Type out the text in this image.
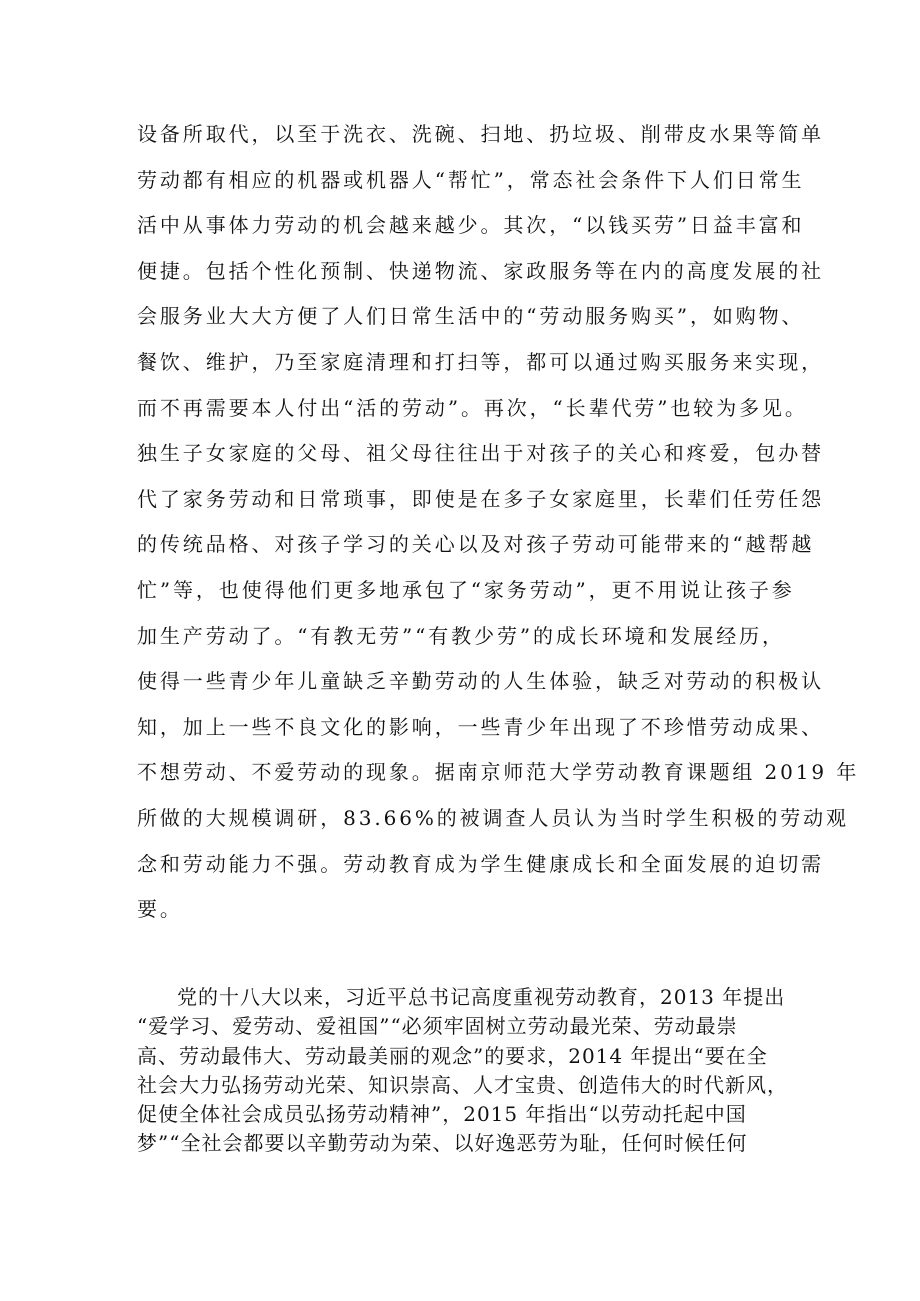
设备所取代，以至于洗衣、洗碗、扫地、扔垃圾、削带皮水果等简单
劳动都有相应的机器或机器人“帮忙”，常态社会条件下人们日常生
活中从事体力劳动的机会越来越少。其次，“以钱买劳”日益丰富和
便捷。包括个性化预制、快递物流、家政服务等在内的高度发展的社
会服务业大大方便了人们日常生活中的“劳动服务购买”，如购物、
餐饮、维护，乃至家庭清理和打扫等，都可以通过购买服务来实现，
而不再需要本人付出“活的劳动”。再次，“长辈代劳”也较为多见。
独生子女家庭的父母、祖父母往往出于对孩子的关心和疼爱，包办替
代了家务劳动和日常琐事，即使是在多子女家庭里，长辈们任劳任怨
的传统品格、对孩子学习的关心以及对孩子劳动可能带来的“越帮越
忙”等，也使得他们更多地承包了“家务劳动”，更不用说让孩子参
加生产劳动了。“有教无劳”“有教少劳”的成长环境和发展经历，
使得一些青少年儿童缺乏辛勤劳动的人生体验，缺乏对劳动的积极认
知，加上一些不良文化的影响，一些青少年出现了不珍惜劳动成果、
不想劳动、不爱劳动的现象。据南京师范大学劳动教育课题组 2019 年
所做的大规模调研，83.66%的被调查人员认为当时学生积极的劳动观
念和劳动能力不强。劳动教育成为学生健康成长和全面发展的迫切需
要。
党的十八大以来，习近平总书记高度重视劳动教育，2013 年提出
“爱学习、爱劳动、爱祖国”“必须牢固树立劳动最光荣、劳动最崇
高、劳动最伟大、劳动最美丽的观念”的要求，2014 年提出“要在全
社会大力弘扬劳动光荣、知识崇高、人才宝贵、创造伟大的时代新风，
促使全体社会成员弘扬劳动精神”，2015 年指出“以劳动托起中国
梦”“全社会都要以辛勤劳动为荣、以好逸恶劳为耻，任何时候任何
